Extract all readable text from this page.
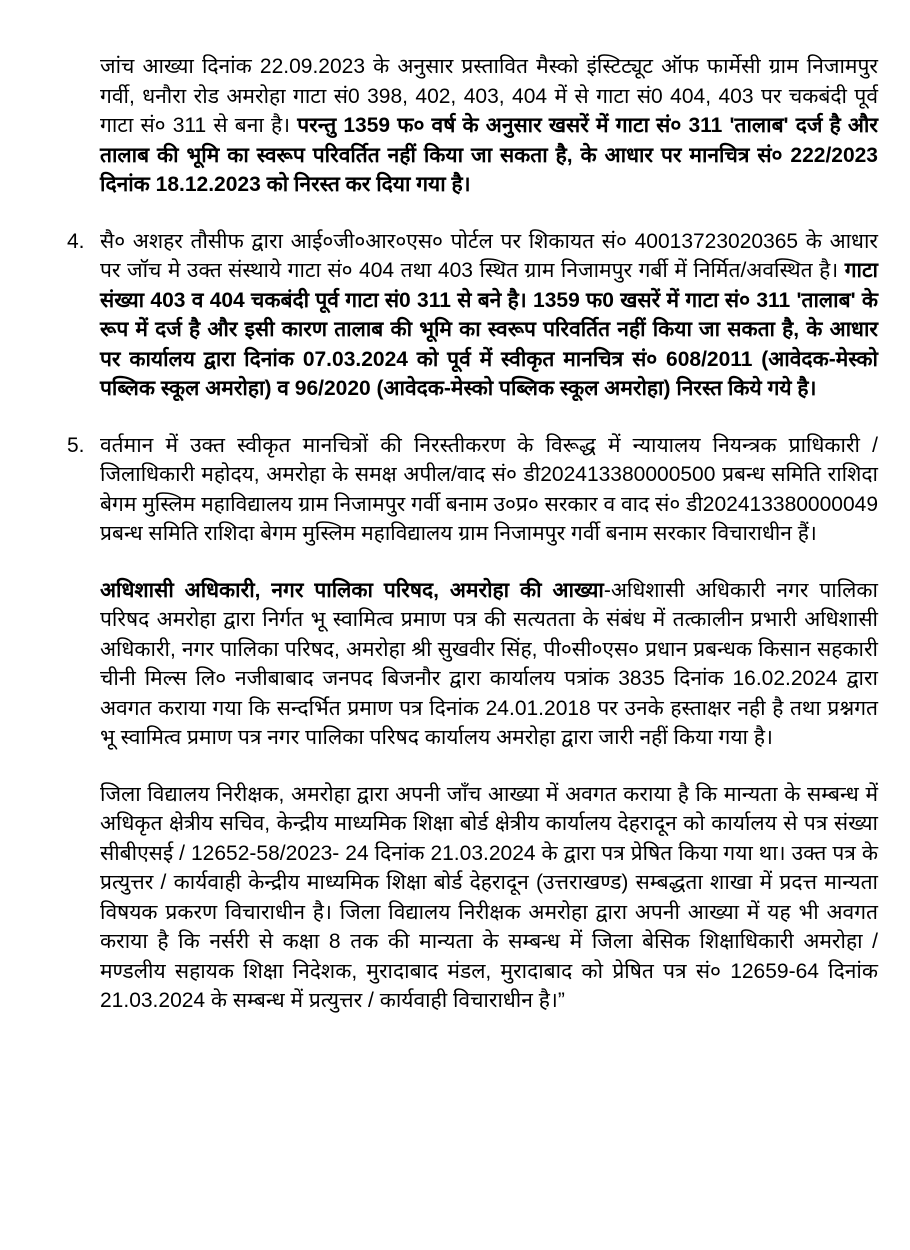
जांच आख्या दिनांक 22.09.2023 के अनुसार प्रस्तावित मैस्को इंस्टिट्यूट ऑफ फार्मेसी ग्राम निजामपुर गर्वी, धनौरा रोड अमरोहा गाटा सं0 398, 402, 403, 404 में से गाटा सं0 404, 403 पर चकबंदी पूर्व गाटा सं० 311 से बना है। परन्तु 1359 फ० वर्ष के अनुसार खसरें में गाटा सं० 311 'तालाब' दर्ज है और तालाब की भूमि का स्वरूप परिवर्तित नहीं किया जा सकता है, के आधार पर मानचित्र सं० 222/2023 दिनांक 18.12.2023 को निरस्त कर दिया गया है।

4. सै० अशहर तौसीफ द्वारा आई०जी०आर०एस० पोर्टल पर शिकायत सं० 40013723020365 के आधार पर जॉच मे उक्त संस्थाये गाटा सं० 404 तथा 403 स्थित ग्राम निजामपुर गर्बी में निर्मित/अवस्थित है। गाटा संख्या 403 व 404 चकबंदी पूर्व गाटा सं0 311 से बने है। 1359 फ0 खसरें में गाटा सं० 311 'तालाब' के रूप में दर्ज है और इसी कारण तालाब की भूमि का स्वरूप परिवर्तित नहीं किया जा सकता है, के आधार पर कार्यालय द्वारा दिनांक 07.03.2024 को पूर्व में स्वीकृत मानचित्र सं० 608/2011 (आवेदक-मेस्को पब्लिक स्कूल अमरोहा) व 96/2020 (आवेदक-मेस्को पब्लिक स्कूल अमरोहा) निरस्त किये गये है।

5. वर्तमान में उक्त स्वीकृत मानचित्रों की निरस्तीकरण के विरूद्ध में न्यायालय नियन्त्रक प्राधिकारी / जिलाधिकारी महोदय, अमरोहा के समक्ष अपील/वाद सं० डी202413380000500 प्रबन्ध समिति राशिदा बेगम मुस्लिम महाविद्यालय ग्राम निजामपुर गर्वी बनाम उ०प्र० सरकार व वाद सं० डी202413380000049 प्रबन्ध समिति राशिदा बेगम मुस्लिम महाविद्यालय ग्राम निजामपुर गर्वी बनाम सरकार विचाराधीन हैं।

अधिशासी अधिकारी, नगर पालिका परिषद, अमरोहा की आख्या-अधिशासी अधिकारी नगर पालिका परिषद अमरोहा द्वारा निर्गत भू स्वामित्व प्रमाण पत्र की सत्यतता के संबंध में तत्कालीन प्रभारी अधिशासी अधिकारी, नगर पालिका परिषद, अमरोहा श्री सुखवीर सिंह, पी०सी०एस० प्रधान प्रबन्धक किसान सहकारी चीनी मिल्स लि० नजीबाबाद जनपद बिजनौर द्वारा कार्यालय पत्रांक 3835 दिनांक 16.02.2024 द्वारा अवगत कराया गया कि सन्दर्भित प्रमाण पत्र दिनांक 24.01.2018 पर उनके हस्ताक्षर नही है तथा प्रश्नगत भू स्वामित्व प्रमाण पत्र नगर पालिका परिषद कार्यालय अमरोहा द्वारा जारी नहीं किया गया है।

जिला विद्यालय निरीक्षक, अमरोहा द्वारा अपनी जाँच आख्या में अवगत कराया है कि मान्यता के सम्बन्ध में अधिकृत क्षेत्रीय सचिव, केन्द्रीय माध्यमिक शिक्षा बोर्ड क्षेत्रीय कार्यालय देहरादून को कार्यालय से पत्र संख्या सीबीएसई / 12652-58/2023- 24 दिनांक 21.03.2024 के द्वारा पत्र प्रेषित किया गया था। उक्त पत्र के प्रत्युत्तर / कार्यवाही केन्द्रीय माध्यमिक शिक्षा बोर्ड देहरादून (उत्तराखण्ड) सम्बद्धता शाखा में प्रदत्त मान्यता विषयक प्रकरण विचाराधीन है। जिला विद्यालय निरीक्षक अमरोहा द्वारा अपनी आख्या में यह भी अवगत कराया है कि नर्सरी से कक्षा 8 तक की मान्यता के सम्बन्ध में जिला बेसिक शिक्षाधिकारी अमरोहा / मण्डलीय सहायक शिक्षा निदेशक, मुरादाबाद मंडल, मुरादाबाद को प्रेषित पत्र सं० 12659-64 दिनांक 21.03.2024 के सम्बन्ध में प्रत्युत्तर / कार्यवाही विचाराधीन है।”
